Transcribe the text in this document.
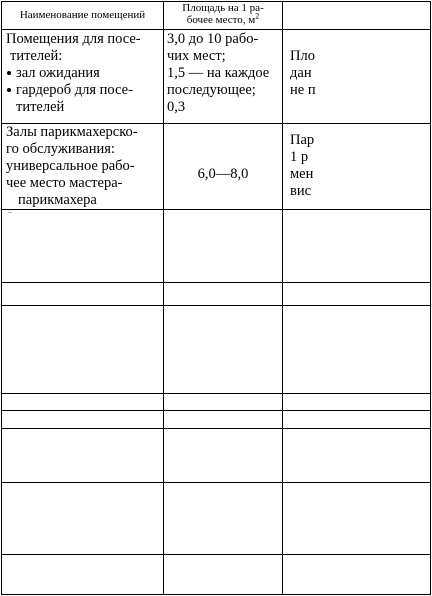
Наименование помещений
Площадь на 1 ра-
бочее место, $м^2$
Помещения для посе-
тителей:
зал ожидания
гардероб для посе-
тителей
3,0 до 10 рабо-
чих мест;
1,5 — на каждое
последующее;
0,3
Пло
дан
не п
Залы парикмахерско-
го обслуживания:
универсальное рабо-
чее место мастера-
парикмахера
6,0—8,0
Пар
1 р
мен
вис
⁻
